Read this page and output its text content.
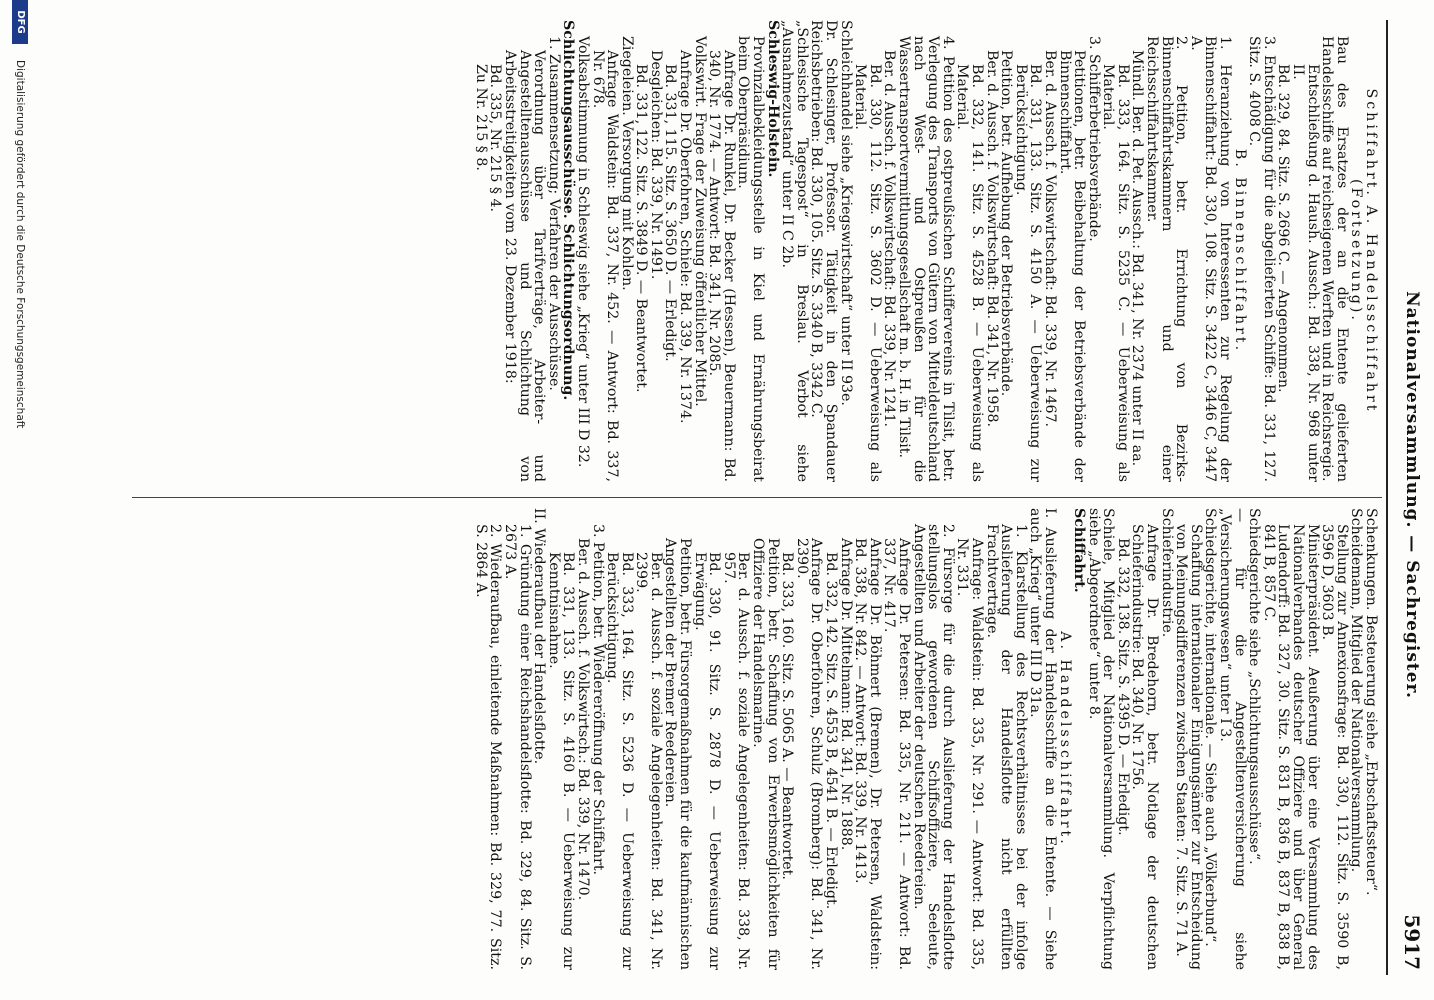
Nationalversammlung. — Sachregister.
5917

Schiffahrt. A. Handelsschiffahrt (Fortsetzung).

Bau des Ersatzes der an die Entente gelieferten Handelsschiffe auf reichseigenen Werften und in Reichsregie.

Entschließung d. Haush. Aussch.: Bd. 338, Nr. 968 unter II.

Bd. 329, 84. Sitz. S. 2696 C. — Angenommen.

3. Entschädigung für die abgelieferten Schiffe: Bd. 331, 127. Sitz. S. 4008 C.

B. Binnenschiffahrt.

1. Heranziehung von Interessenten zur Regelung der Binnenschiffahrt: Bd. 330, 108. Sitz. S. 3422 C, 3446 C, 3447 A.

2. Petition, betr. Errichtung von Bezirks-Binnenschiffahrtskammern und einer Reichsschiffahrtskammer.

Mündl. Ber. d. Pet. Aussch.: Bd. 341, Nr. 2374 unter II aa.

Bd. 333, 164. Sitz. S. 5235 C. — Ueberweisung als Material.

3. Schifferbetriebsverbände.

Petitionen, betr. Beibehaltung der Betriebsverbände der Binnenschiffahrt.

Ber. d. Aussch. f. Volkswirtschaft: Bd. 339, Nr. 1467.

Bd. 331, 133. Sitz. S. 4150 A. — Ueberweisung zur Berücksichtigung.

Petition, betr. Aufhebung der Betriebsverbände.

Ber. d. Aussch. f. Volkswirtschaft: Bd. 341, Nr. 1958.

Bd. 332, 141. Sitz. S. 4528 B. — Ueberweisung als Material.

4. Petition des ostpreußischen Schiffervereins in Tilsit, betr. Verlegung des Transports von Gütern von Mitteldeutschland nach West- und Ostpreußen für die Wassertransportvermittlungsgesellschaft m. b. H. in Tilsit.

Ber. d. Aussch. f. Volkswirtschaft: Bd. 339, Nr. 1241.

Bd. 330, 112. Sitz. S. 3602 D. — Ueberweisung als Material.

Schleichhandel siehe „Kriegswirtschaft“ unter II 93e.

Dr. Schlesinger, Professor. Tätigkeit in den Spandauer Reichsbetrieben: Bd. 330, 105. Sitz. S. 3340 B, 3342 C.

„Schlesische Tagespost“ in Breslau. Verbot siehe „Ausnahmezustand“ unter II C 2b.

Schleswig-Holstein.

Provinzialbekleidungsstelle in Kiel und Ernährungsbeirat beim Oberpräsidium.

Anfrage Dr. Runkel, Dr. Becker (Hessen), Beuermann: Bd. 340, Nr. 1774. — Antwort: Bd. 341, Nr. 2085.

Volkswirt. Frage der Zuweisung öffentlicher Mittel.

Anfrage Dr. Oberfohren, Schiele: Bd. 339, Nr. 1374.

Bd. 331, 115. Sitz. S. 3650 D. — Erledigt.

Desgleichen: Bd. 339, Nr. 1491.

Bd. 331, 122. Sitz. S. 3849 D. — Beantwortet.

Ziegeleien. Versorgung mit Kohlen.

Anfrage Waldstein: Bd. 337, Nr. 452. — Antwort: Bd. 337, Nr. 678.

Volksabstimmung in Schleswig siehe „Krieg“ unter III D 32.

Schlichtungsausschüsse. Schlichtungsordnung.

1. Zusammensetzung; Verfahren der Ausschüsse.

Verordnung über Tarifverträge, Arbeiter- und Angestelltenausschüsse und Schlichtung von Arbeitsstreitigkeiten vom 23. Dezember 1918:

Bd. 335, Nr. 215 § 4.

Zu Nr. 215 § 8.

Schenkungen. Besteuerung siehe „Erbschaftssteuer“.

Scheidemann, Mitglied der Nationalversammlung.

Stellung zur Annexionsfrage: Bd. 330, 112. Sitz. S. 3590 B, 3596 D, 3603 B.

Ministerpräsident. Aeußerung über eine Versammlung des Nationalverbandes deutscher Offiziere und über General Ludendorff: Bd. 327, 30. Sitz. S. 831 B, 836 B, 837 B, 838 B, 841 B, 857 C.

Schiedsgerichte siehe „Schlichtungsausschüsse“.

— für die Angestelltenversicherung siehe „Versicherungswesen“ unter I 3.

Schiedsgerichte, internationale. — Siehe auch „Völkerbund“.

Schaffung internationaler Einigungsämter zur Entscheidung von Meinungsdifferenzen zwischen Staaten: 7. Sitz. S. 71 A.

Schieferindustrie.

Anfrage Dr. Bredehorn, betr. Notlage der deutschen Schieferindustrie: Bd. 340, Nr. 1756.

Bd. 332, 138. Sitz. S. 4395 D. — Erledigt.

Schiele, Mitglied der Nationalversammlung. Verpflichtung siehe „Abgeordnete“ unter 8.

Schiffahrt.

A. Handelsschiffahrt.

I. Auslieferung der Handelsschiffe an die Entente. — Siehe auch „Krieg“ unter III D 31a.

1. Klarstellung des Rechtsverhältnisses bei der infolge Auslieferung der Handelsflotte nicht erfüllten Frachtverträge.

Anfrage: Waldstein: Bd. 335, Nr. 291. — Antwort: Bd. 335, Nr. 331.

2. Fürsorge für die durch Auslieferung der Handelsflotte stellungslos gewordenen Schiffsoffiziere, Seeleute, Angestellten und Arbeiter der deutschen Reedereien.

Anfrage Dr. Petersen: Bd. 335, Nr. 211. — Antwort: Bd. 337, Nr. 417.

Anfrage Dr. Böhmert (Bremen), Dr. Petersen, Waldstein: Bd. 338, Nr. 842. — Antwort: Bd. 339, Nr. 1413.

Anfrage Dr. Mittelmann: Bd. 341, Nr. 1888.

Bd. 332, 142. Sitz. S. 4553 B, 4541 B. — Erledigt.

Anfrage Dr. Oberfohren, Schulz (Bromberg): Bd. 341, Nr. 2390.

Bd. 333, 160. Sitz. S. 5065 A. — Beantwortet.

Petition, betr. Schaffung von Erwerbsmöglichkeiten für Offiziere der Handelsmarine.

Ber. d. Aussch. f. soziale Angelegenheiten: Bd. 338, Nr. 957.

Bd. 330, 91. Sitz. S. 2878 D. — Ueberweisung zur Erwägung.

Petition, betr. Fürsorgemaßnahmen für die kaufmännischen Angestellten der Bremer Reedereien.

Ber. d. Aussch. f. soziale Angelegenheiten: Bd. 341, Nr. 2399.

Bd. 333, 164. Sitz. S. 5236 D. — Ueberweisung zur Berücksichtigung.

3. Petition, betr. Wiedereröffnung der Schiffahrt.

Ber. d. Aussch. f. Volkswirtsch.: Bd. 339, Nr. 1470.

Bd. 331, 133. Sitz. S. 4160 B. — Ueberweisung zur Kenntnisnahme.

II. Wiederaufbau der Handelsflotte.

1. Gründung einer Reichshandelsflotte: Bd. 329, 84. Sitz. S. 2673 A.

2. Wiederaufbau, einleitende Maßnahmen: Bd. 329, 77. Sitz. S. 2864 A.

DFG
Digitalisierung gefördert durch die Deutsche Forschungsgemeinschaft
